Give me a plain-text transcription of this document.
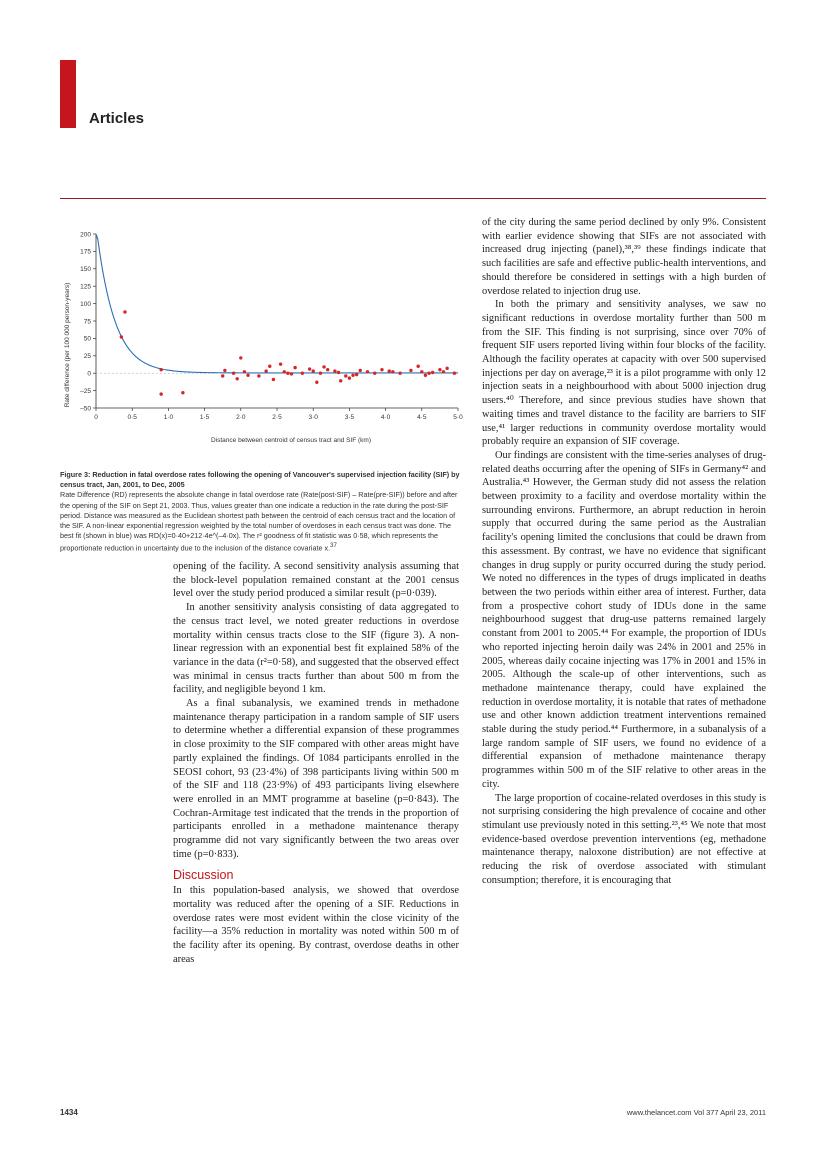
Articles
200
175
150
125
100
75
50
25
0
–25
–50
0	0·5	1·0	1·5	2·0	2·5	3·0	3·5	4·0	4·5	5·0
Rate difference (per 100 000 person-years)
Distance between centroid of census tract and SIF (km)

Figure 3: Reduction in fatal overdose rates following the opening of Vancouver's supervised injection facility (SIF) by census tract, Jan, 2001, to Dec, 2005

Rate Difference (RD) represents the absolute change in fatal overdose rate (Rate(post-SIF) – Rate(pre-SIF)) before and after the opening of the SIF on Sept 21, 2003. Thus, values greater than one indicate a reduction in the rate during the post-SIF period. Distance was measured as the Euclidean shortest path between the centroid of each census tract and the location of the SIF. A non-linear exponential regression weighted by the total number of overdoses in each census tract was done. The best fit (shown in blue) was RD(x)=0·40+212·4e^(–4·0x). The r² goodness of fit statistic was 0·58, which represents the proportionate reduction in uncertainty due to the inclusion of the distance covariate x.$^{37}$

opening of the facility. A second sensitivity analysis assuming that the block-level population remained constant at the 2001 census level over the study period produced a similar result (p=0·039).

In another sensitivity analysis consisting of data aggregated to the census tract level, we noted greater reductions in overdose mortality within census tracts close to the SIF (figure 3). A non-linear regression with an exponential best fit explained 58% of the variance in the data (r²=0·58), and suggested that the observed effect was minimal in census tracts further than about 500 m from the facility, and negligible beyond 1 km.

As a final subanalysis, we examined trends in methadone maintenance therapy participation in a random sample of SIF users to determine whether a differential expansion of these programmes in close proximity to the SIF compared with other areas might have partly explained the findings. Of 1084 participants enrolled in the SEOSI cohort, 93 (23·4%) of 398 participants living within 500 m of the SIF and 118 (23·9%) of 493 participants living elsewhere were enrolled in an MMT programme at baseline (p=0·843). The Cochran-Armitage test indicated that the trends in the proportion of participants enrolled in a methadone maintenance therapy programme did not vary significantly between the two areas over time (p=0·833).

Discussion

In this population-based analysis, we showed that overdose mortality was reduced after the opening of a SIF. Reductions in overdose rates were most evident within the close vicinity of the facility—a 35% reduction in mortality was noted within 500 m of the facility after its opening. By contrast, overdose deaths in other areas

of the city during the same period declined by only 9%. Consistent with earlier evidence showing that SIFs are not associated with increased drug injecting (panel),³⁸,³⁹ these findings indicate that such facilities are safe and effective public-health interventions, and should therefore be considered in settings with a high burden of overdose related to injection drug use.

In both the primary and sensitivity analyses, we saw no significant reductions in overdose mortality further than 500 m from the SIF. This finding is not surprising, since over 70% of frequent SIF users reported living within four blocks of the facility. Although the facility operates at capacity with over 500 supervised injections per day on average,²³ it is a pilot programme with only 12 injection seats in a neighbourhood with about 5000 injection drug users.⁴⁰ Therefore, and since previous studies have shown that waiting times and travel distance to the facility are barriers to SIF use,⁴¹ larger reductions in community overdose mortality would probably require an expansion of SIF coverage.

Our findings are consistent with the time-series analyses of drug-related deaths occurring after the opening of SIFs in Germany⁴² and Australia.⁴³ However, the German study did not assess the relation between proximity to a facility and overdose mortality within the surrounding environs. Furthermore, an abrupt reduction in heroin supply that occurred during the same period as the Australian facility's opening limited the conclusions that could be drawn from this assessment. By contrast, we have no evidence that significant changes in drug supply or purity occurred during the study period. We noted no differences in the types of drugs implicated in deaths between the two periods within either area of interest. Further, data from a prospective cohort study of IDUs done in the same neighbourhood suggest that drug-use patterns remained largely constant from 2001 to 2005.⁴⁴ For example, the proportion of IDUs who reported injecting heroin daily was 24% in 2001 and 25% in 2005, whereas daily cocaine injecting was 17% in 2001 and 15% in 2005. Although the scale-up of other interventions, such as methadone maintenance therapy, could have explained the reduction in overdose mortality, it is notable that rates of methadone use and other known addiction treatment interventions remained stable during the study period.⁴⁴ Furthermore, in a subanalysis of a large random sample of SIF users, we found no evidence of a differential expansion of methadone maintenance therapy programmes within 500 m of the SIF relative to other areas in the city.

The large proportion of cocaine-related overdoses in this study is not surprising considering the high prevalence of cocaine and other stimulant use previously noted in this setting.²³,⁴⁵ We note that most evidence-based overdose prevention interventions (eg, methadone maintenance therapy, naloxone distribution) are not effective at reducing the risk of overdose associated with stimulant consumption; therefore, it is encouraging that

1434	www.thelancet.com Vol 377 April 23, 2011
